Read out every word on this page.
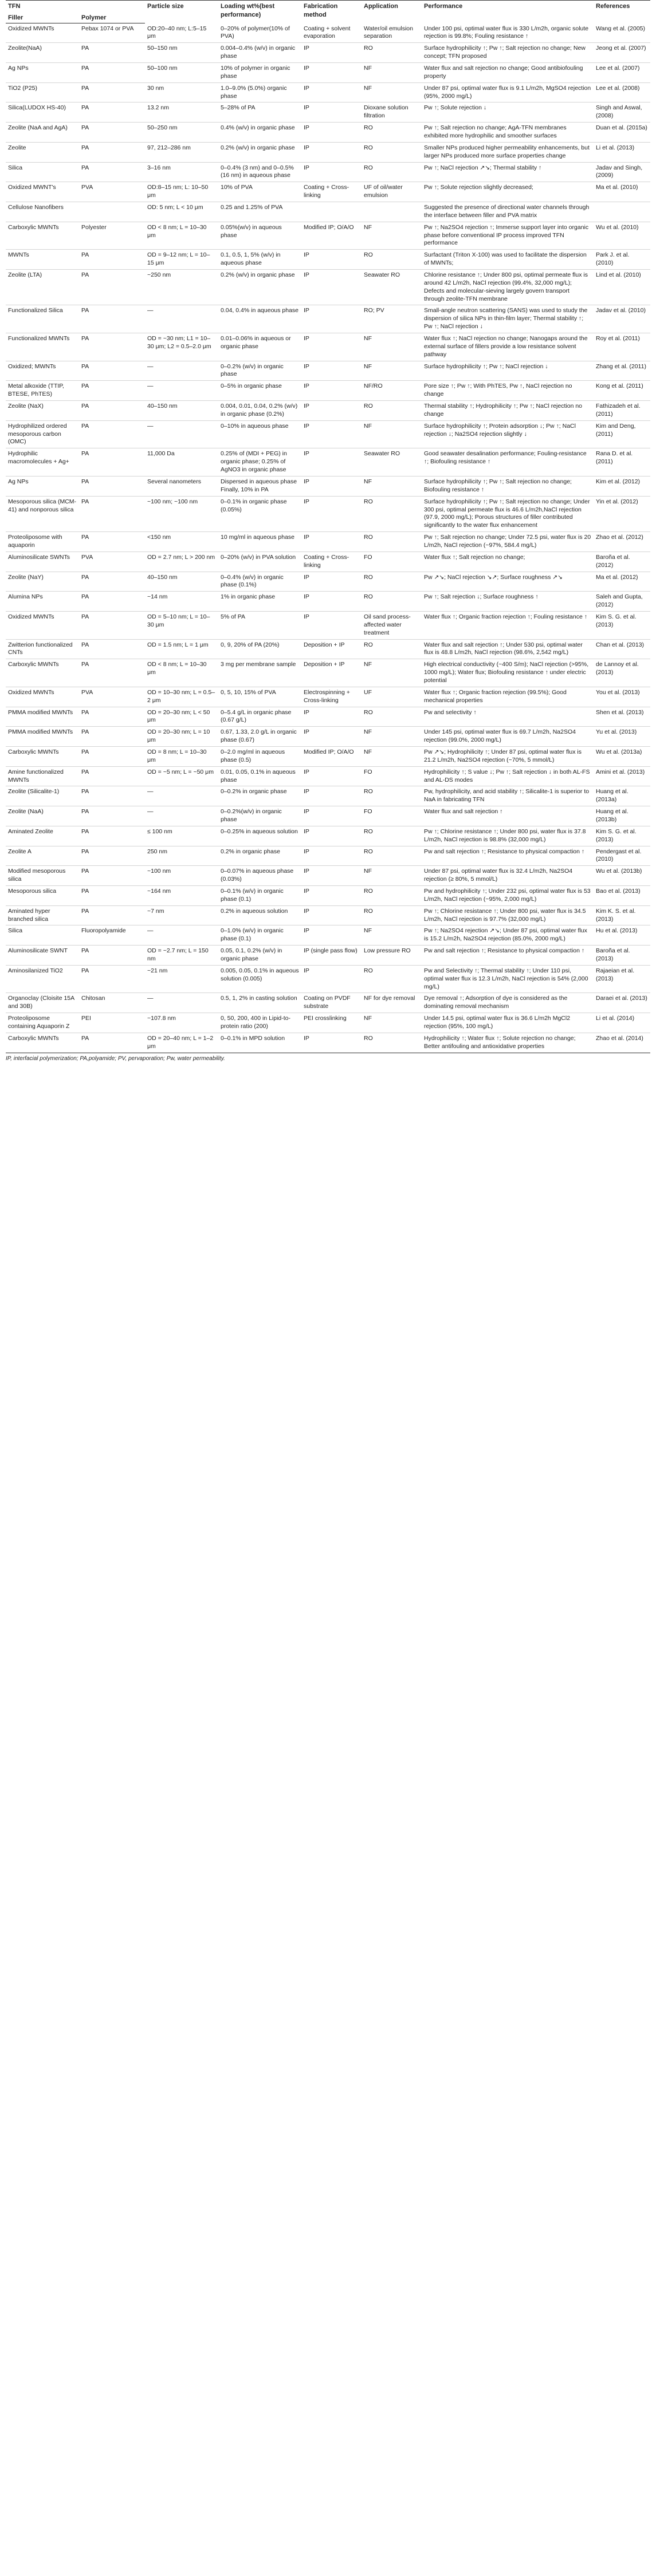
TFN		Particle size	Loading wt%(best performance)	Fabrication method	Application	Performance	References
Filler	Polymer						
Oxidized MWNTs	Pebax 1074 or PVA	OD:20–40 nm; L:5–15 μm	0–20% of polymer(10% of PVA)	Coating + solvent evaporation	Water/oil emulsion separation	Under 100 psi, optimal water flux is 330 L/m2h, organic solute rejection is 99.8%; Fouling resistance ↑	Wang et al. (2005)
Zeolite(NaA)	PA	50–150 nm	0.004–0.4% (w/v) in organic phase	IP	RO	Surface hydrophilicity ↑; Pw ↑; Salt rejection no change; New concept; TFN proposed	Jeong et al. (2007)
Ag NPs	PA	50–100 nm	10% of polymer in organic phase	IP	NF	Water flux and salt rejection no change; Good antibiofouling property	Lee et al. (2007)
TiO2 (P25)	PA	30 nm	1.0–9.0% (5.0%) organic phase	IP	NF	Under 87 psi, optimal water flux is 9.1 L/m2h, MgSO4 rejection (95%, 2000 mg/L)	Lee et al. (2008)
Silica(LUDOX HS-40)	PA	13.2 nm	5–28% of PA	IP	Dioxane solution filtration	Pw ↑; Solute rejection ↓	Singh and Aswal, (2008)
Zeolite (NaA and AgA)	PA	50–250 nm	0.4% (w/v) in organic phase	IP	RO	Pw ↑; Salt rejection no change; AgA-TFN membranes exhibited more hydrophilic and smoother surfaces	Duan et al. (2015a)
Zeolite	PA	97, 212–286 nm	0.2% (w/v) in organic phase	IP	RO	Smaller NPs produced higher permeability enhancements, but larger NPs produced more surface properties change	Li et al. (2013)
Silica	PA	3–16 nm	0–0.4% (3 nm) and 0–0.5% (16 nm) in aqueous phase	IP	RO	Pw ↑; NaCl rejection ↗↘; Thermal stability ↑	Jadav and Singh, (2009)
Oxidized MWNT's	PVA	OD:8–15 nm; L: 10–50 μm	10% of PVA	Coating + Cross-linking	UF of oil/water emulsion	Pw ↑; Solute rejection slightly decreased;	Ma et al. (2010)
Cellulose Nanofibers		OD: 5 nm; L < 10 μm	0.25 and 1.25% of PVA			Suggested the presence of directional water channels through the interface between filler and PVA matrix	
Carboxylic MWNTs	Polyester	OD < 8 nm; L = 10–30 μm	0.05%(w/v) in aqueous phase	Modified IP; O/A/O	NF	Pw ↑; Na2SO4 rejection ↑; Immerse support layer into organic phase before conventional IP process improved TFN performance	Wu et al. (2010)
MWNTs	PA	OD = 9–12 nm; L = 10–15 μm	0.1, 0.5, 1, 5% (w/v) in aqueous phase	IP	RO	Surfactant (Triton X-100) was used to facilitate the dispersion of MWNTs;	Park J. et al. (2010)
Zeolite (LTA)	PA	~250 nm	0.2% (w/v) in organic phase	IP	Seawater RO	Chlorine resistance ↑; Under 800 psi, optimal permeate flux is around 42 L/m2h, NaCl rejection (99.4%, 32,000 mg/L); Defects and molecular-sieving largely govern transport through zeolite-TFN membrane	Lind et al. (2010)
Functionalized Silica	PA	—	0.04, 0.4% in aqueous phase	IP	RO; PV	Small-angle neutron scattering (SANS) was used to study the dispersion of silica NPs in thin-film layer; Thermal stability ↑; Pw ↑; NaCl rejection ↓	Jadav et al. (2010)
Functionalized MWNTs	PA	OD = ~30 nm; L1 = 10–30 μm; L2 = 0.5–2.0 μm	0.01–0.06% in aqueous or organic phase	IP	NF	Water flux ↑; NaCl rejection no change; Nanogaps around the external surface of fillers provide a low resistance solvent pathway	Roy et al. (2011)
Oxidized; MWNTs	PA	—	0–0.2% (w/v) in organic phase	IP	NF	Surface hydrophilicity ↑; Pw ↑; NaCl rejection ↓	Zhang et al. (2011)
Metal alkoxide (TTIP, BTESE, PhTES)	PA	—	0–5% in organic phase	IP	NF/RO	Pore size ↑; Pw ↑; With PhTES, Pw ↑, NaCl rejection no change	Kong et al. (2011)
Zeolite (NaX)	PA	40–150 nm	0.004, 0.01, 0.04, 0.2% (w/v) in organic phase (0.2%)	IP	RO	Thermal stability ↑; Hydrophilicity ↑; Pw ↑; NaCl rejection no change	Fathizadeh et al. (2011)
Hydrophilized ordered mesoporous carbon (OMC)	PA	—	0–10% in aqueous phase	IP	NF	Surface hydrophilicity ↑; Protein adsorption ↓; Pw ↑; NaCl rejection ↓; Na2SO4 rejection slightly ↓	Kim and Deng, (2011)
Hydrophilic macromolecules + Ag+	PA	11,000 Da	0.25% of (MDI + PEG) in organic phase; 0.25% of AgNO3 in organic phase	IP	Seawater RO	Good seawater desalination performance; Fouling-resistance ↑; Biofouling resistance ↑	Rana D. et al. (2011)
Ag NPs	PA	Several nanometers	Dispersed in aqueous phase Finally, 10% in PA	IP	NF	Surface hydrophilicity ↑; Pw ↑; Salt rejection no change; Biofouling resistance ↑	Kim et al. (2012)
Mesoporous silica (MCM-41) and nonporous silica	PA	~100 nm; ~100 nm	0–0.1% in organic phase (0.05%)	IP	RO	Surface hydrophilicity ↑; Pw ↑; Salt rejection no change; Under 300 psi, optimal permeate flux is 46.6 L/m2h,NaCl rejection (97.9, 2000 mg/L); Porous structures of filler contributed significantly to the water flux enhancement	Yin et al. (2012)
Proteoliposome with aquaporin	PA	<150 nm	10 mg/ml in aqueous phase	IP	RO	Pw ↑; Salt rejection no change; Under 72.5 psi, water flux is 20 L/m2h, NaCl rejection (~97%, 584.4 mg/L)	Zhao et al. (2012)
Aluminosilicate SWNTs	PVA	OD = 2.7 nm; L > 200 nm	0–20% (w/v) in PVA solution	Coating + Cross-linking	FO	Water flux ↑; Salt rejection no change;	Baroña et al. (2012)
Zeolite (NaY)	PA	40–150 nm	0–0.4% (w/v) in organic phase (0.1%)	IP	RO	Pw ↗↘; NaCl rejection ↘↗; Surface roughness ↗↘	Ma et al. (2012)
Alumina NPs	PA	~14 nm	1% in organic phase	IP	RO	Pw ↑; Salt rejection ↓; Surface roughness ↑	Saleh and Gupta, (2012)
Oxidized MWNTs	PA	OD = 5–10 nm; L = 10–30 μm	5% of PA	IP	Oil sand process-affected water treatment	Water flux ↑; Organic fraction rejection ↑; Fouling resistance ↑	Kim S. G. et al. (2013)
Zwitterion functionalized CNTs	PA	OD = 1.5 nm; L = 1 μm	0, 9, 20% of PA (20%)	Deposition + IP	RO	Water flux and salt rejection ↑; Under 530 psi, optimal water flux is 48.8 L/m2h, NaCl rejection (98.6%, 2,542 mg/L)	Chan et al. (2013)
Carboxylic MWNTs	PA	OD < 8 nm; L = 10–30 μm	3 mg per membrane sample	Deposition + IP	NF	High electrical conductivity (~400 S/m); NaCl rejection (>95%, 1000 mg/L); Water flux; Biofouling resistance ↑ under electric potential	de Lannoy et al. (2013)
Oxidized MWNTs	PVA	OD = 10–30 nm; L = 0.5–2 μm	0, 5, 10, 15% of PVA	Electrospinning + Cross-linking	UF	Water flux ↑; Organic fraction rejection (99.5%); Good mechanical properties	You et al. (2013)
PMMA modified MWNTs	PA	OD = 20–30 nm; L < 50 μm	0–5.4 g/L in organic phase (0.67 g/L)	IP	RO	Pw and selectivity ↑	Shen et al. (2013)
PMMA modified MWNTs	PA	OD = 20–30 nm; L = 10 μm	0.67, 1.33, 2.0 g/L in organic phase (0.67)	IP	NF	Under 145 psi, optimal water flux is 69.7 L/m2h, Na2SO4 rejection (99.0%, 2000 mg/L)	Yu et al. (2013)
Carboxylic MWNTs	PA	OD = 8 nm; L = 10–30 μm	0–2.0 mg/ml in aqueous phase (0.5)	Modified IP; O/A/O	NF	Pw ↗↘; Hydrophilicity ↑; Under 87 psi, optimal water flux is 21.2 L/m2h, Na2SO4 rejection (~70%, 5 mmol/L)	Wu et al. (2013a)
Amine functionalized MWNTs	PA	OD = ~5 nm; L = ~50 μm	0.01, 0.05, 0.1% in aqueous phase	IP	FO	Hydrophilicity ↑; S value ↓; Pw ↑; Salt rejection ↓ in both AL-FS and AL-DS modes	Amini et al. (2013)
Zeolite (Silicalite-1)	PA	—	0–0.2% in organic phase	IP	RO	Pw, hydrophilicity, and acid stability ↑; Silicalite-1 is superior to NaA in fabricating TFN	Huang et al. (2013a)
Zeolite (NaA)	PA	—	0–0.2%(w/v) in organic phase	IP	FO	Water flux and salt rejection ↑	Huang et al. (2013b)
Aminated Zeolite	PA	≤ 100 nm	0–0.25% in aqueous solution	IP	RO	Pw ↑; Chlorine resistance ↑; Under 800 psi, water flux is 37.8 L/m2h, NaCl rejection is 98.8% (32,000 mg/L)	Kim S. G. et al. (2013)
Zeolite A	PA	250 nm	0.2% in organic phase	IP	RO	Pw and salt rejection ↑; Resistance to physical compaction ↑	Pendergast et al. (2010)
Modified mesoporous silica	PA	~100 nm	0–0.07% in aqueous phase (0.03%)	IP	NF	Under 87 psi, optimal water flux is 32.4 L/m2h, Na2SO4 rejection (≥ 80%, 5 mmol/L)	Wu et al. (2013b)
Mesoporous silica	PA	~164 nm	0–0.1% (w/v) in organic phase (0.1)	IP	RO	Pw and hydrophilicity ↑; Under 232 psi, optimal water flux is 53 L/m2h, NaCl rejection (~95%, 2,000 mg/L)	Bao et al. (2013)
Aminated hyper branched silica	PA	~7 nm	0.2% in aqueous solution	IP	RO	Pw ↑; Chlorine resistance ↑; Under 800 psi, water flux is 34.5 L/m2h, NaCl rejection is 97.7% (32,000 mg/L)	Kim K. S. et al. (2013)
Silica	Fluoropolyamide	—	0–1.0% (w/v) in organic phase (0.1)	IP	NF	Pw ↑; Na2SO4 rejection ↗↘; Under 87 psi, optimal water flux is 15.2 L/m2h, Na2SO4 rejection (85.0%, 2000 mg/L)	Hu et al. (2013)
Aluminosilicate SWNT	PA	OD = ~2.7 nm; L = 150 nm	0.05, 0.1, 0.2% (w/v) in organic phase	IP (single pass flow)	Low pressure RO	Pw and salt rejection ↑; Resistance to physical compaction ↑	Baroña et al. (2013)
Aminosilanized TiO2	PA	~21 nm	0.005, 0.05, 0.1% in aqueous solution (0.005)	IP	RO	Pw and Selectivity ↑; Thermal stability ↑; Under 110 psi, optimal water flux is 12.3 L/m2h, NaCl rejection is 54% (2,000 mg/L)	Rajaeian et al. (2013)
Organoclay (Cloisite 15A and 30B)	Chitosan	—	0.5, 1, 2% in casting solution	Coating on PVDF substrate	NF for dye removal	Dye removal ↑; Adsorption of dye is considered as the dominating removal mechanism	Daraei et al. (2013)
Proteoliposome containing Aquaporin Z	PEI	~107.8 nm	0, 50, 200, 400 in Lipid-to-protein ratio (200)	PEI crosslinking	NF	Under 14.5 psi, optimal water flux is 36.6 L/m2h MgCl2 rejection (95%, 100 mg/L)	Li et al. (2014)
Carboxylic MWNTs	PA	OD = 20–40 nm; L = 1–2 μm	0–0.1% in MPD solution	IP	RO	Hydrophilicity ↑; Water flux ↑; Solute rejection no change; Better antifouling and antioxidative properties	Zhao et al. (2014)
IP, interfacial polymerization; PA,polyamide; PV, pervaporation; Pw, water permeability.
